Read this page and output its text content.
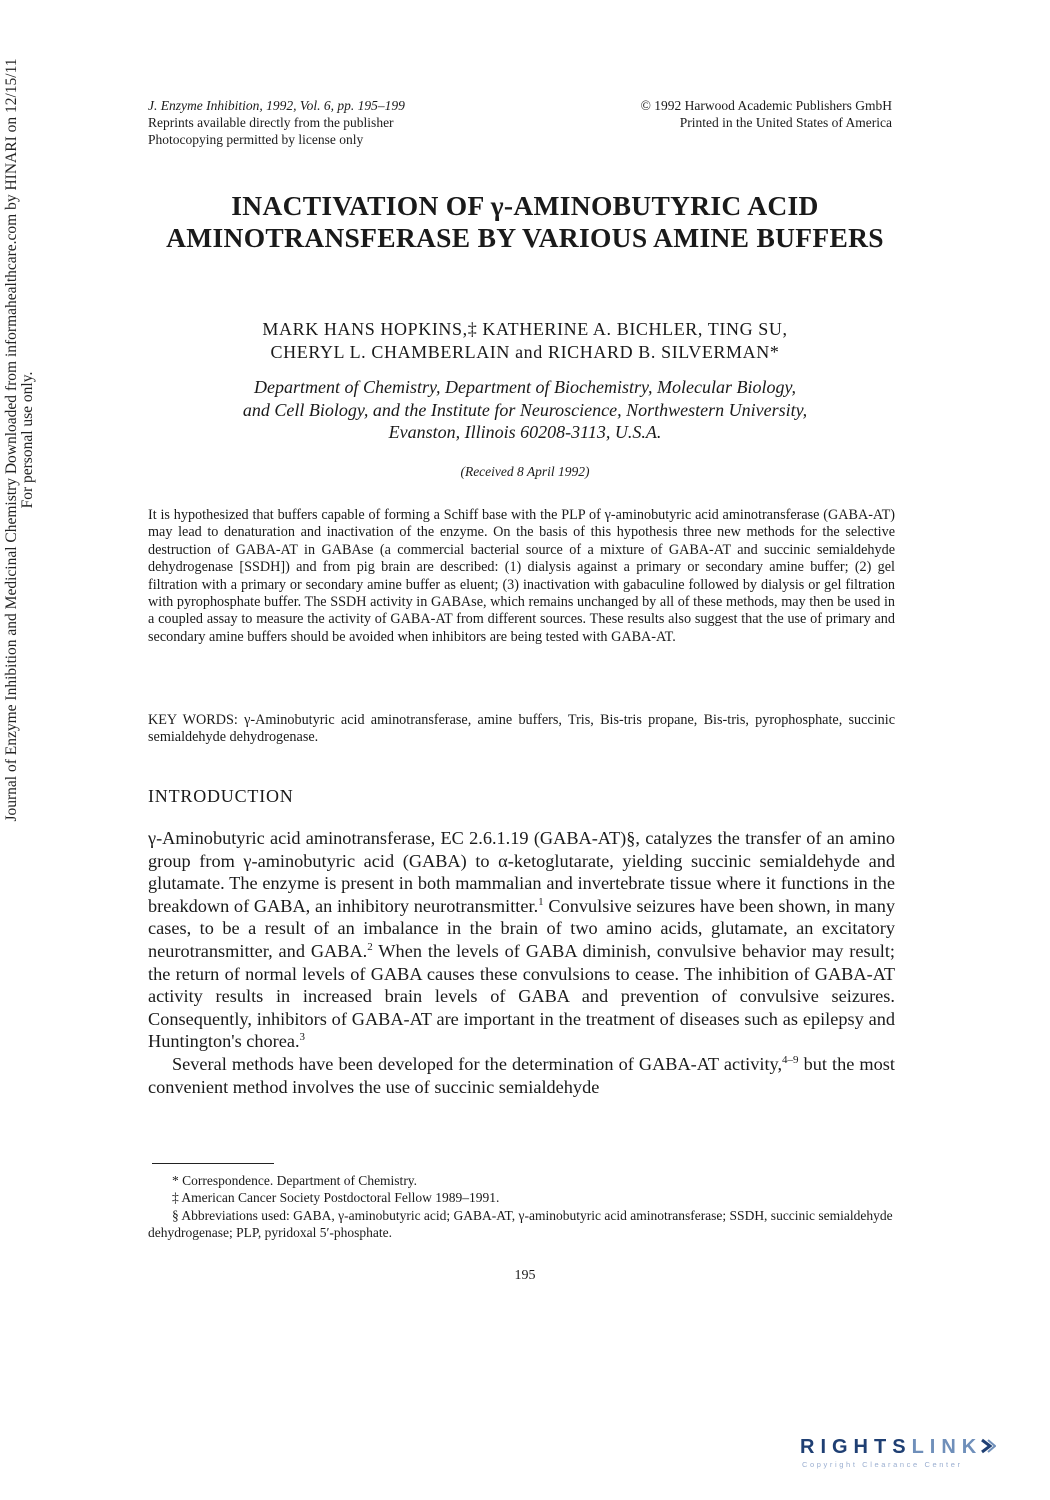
J. Enzyme Inhibition, 1992, Vol. 6, pp. 195–199
Reprints available directly from the publisher
Photocopying permitted by license only
© 1992 Harwood Academic Publishers GmbH
Printed in the United States of America
INACTIVATION OF γ-AMINOBUTYRIC ACID AMINOTRANSFERASE BY VARIOUS AMINE BUFFERS
MARK HANS HOPKINS,‡ KATHERINE A. BICHLER, TING SU,
CHERYL L. CHAMBERLAIN and RICHARD B. SILVERMAN*
Department of Chemistry, Department of Biochemistry, Molecular Biology,
and Cell Biology, and the Institute for Neuroscience, Northwestern University,
Evanston, Illinois 60208-3113, U.S.A.
(Received 8 April 1992)
It is hypothesized that buffers capable of forming a Schiff base with the PLP of γ-aminobutyric acid aminotransferase (GABA-AT) may lead to denaturation and inactivation of the enzyme. On the basis of this hypothesis three new methods for the selective destruction of GABA-AT in GABAse (a commercial bacterial source of a mixture of GABA-AT and succinic semialdehyde dehydrogenase [SSDH]) and from pig brain are described: (1) dialysis against a primary or secondary amine buffer; (2) gel filtration with a primary or secondary amine buffer as eluent; (3) inactivation with gabaculine followed by dialysis or gel filtration with pyrophosphate buffer. The SSDH activity in GABAse, which remains unchanged by all of these methods, may then be used in a coupled assay to measure the activity of GABA-AT from different sources. These results also suggest that the use of primary and secondary amine buffers should be avoided when inhibitors are being tested with GABA-AT.
KEY WORDS: γ-Aminobutyric acid aminotransferase, amine buffers, Tris, Bis-tris propane, Bis-tris, pyrophosphate, succinic semialdehyde dehydrogenase.
INTRODUCTION

γ-Aminobutyric acid aminotransferase, EC 2.6.1.19 (GABA-AT)§, catalyzes the transfer of an amino group from γ-aminobutyric acid (GABA) to α-ketoglutarate, yielding succinic semialdehyde and glutamate. The enzyme is present in both mammalian and invertebrate tissue where it functions in the breakdown of GABA, an inhibitory neurotransmitter.$^1$ Convulsive seizures have been shown, in many cases, to be a result of an imbalance in the brain of two amino acids, glutamate, an excitatory neurotransmitter, and GABA.$^2$ When the levels of GABA diminish, convulsive behavior may result; the return of normal levels of GABA causes these convulsions to cease. The inhibition of GABA-AT activity results in increased brain levels of GABA and prevention of convulsive seizures. Consequently, inhibitors of GABA-AT are important in the treatment of diseases such as epilepsy and Huntington's chorea.$^3$

Several methods have been developed for the determination of GABA-AT activity,$^{4-9}$ but the most convenient method involves the use of succinic semialdehyde

* Correspondence. Department of Chemistry.
‡ American Cancer Society Postdoctoral Fellow 1989–1991.
§ Abbreviations used: GABA, γ-aminobutyric acid; GABA-AT, γ-aminobutyric acid aminotransferase; SSDH, succinic semialdehyde dehydrogenase; PLP, pyridoxal 5′-phosphate.
195
Journal of Enzyme Inhibition and Medicinal Chemistry Downloaded from informahealthcare.com by HINARI on 12/15/11 For personal use only.
RIGHTSLINK
Copyright Clearance Center
